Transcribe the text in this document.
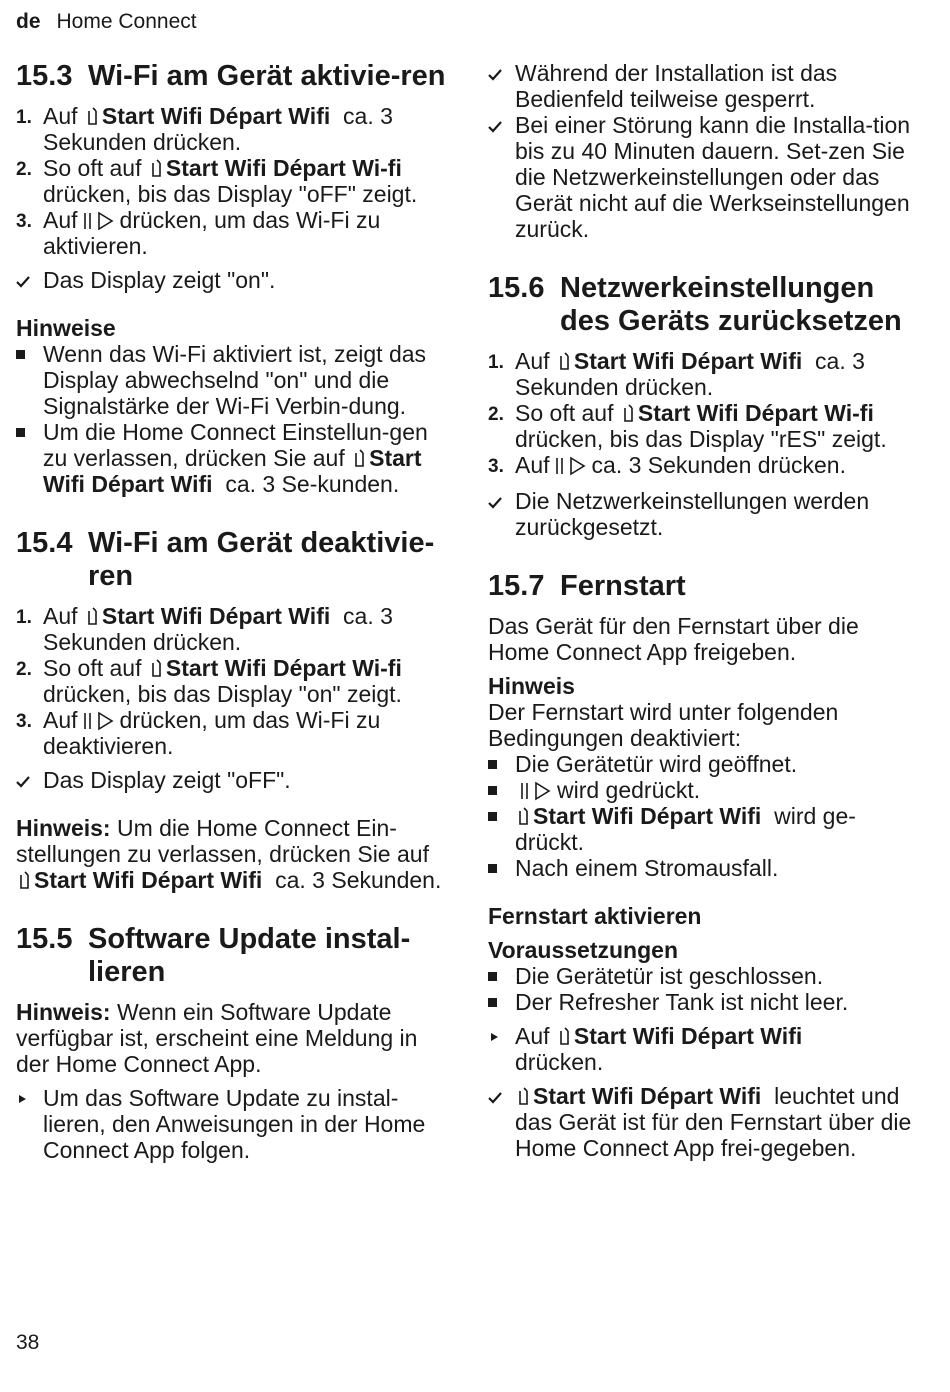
de Home Connect
15.3 Wi-Fi am Gerät aktivie-ren
1. Auf Start Wifi Départ Wifi ca. 3 Sekunden drücken.

2. So oft auf Start Wifi Départ Wi-fi  drücken, bis das Display "oFF" zeigt.

3. Auf drücken, um das Wi-Fi zu aktivieren.

Das Display zeigt "on".

Hinweise

Wenn das Wi-Fi aktiviert ist, zeigt das Display abwechselnd "on" und die Signalstärke der Wi-Fi Verbin-dung.

Um die Home Connect Einstellun-gen zu verlassen, drücken Sie auf Start Wifi Départ Wifi ca. 3 Se-kunden.

15.4 Wi-Fi am Gerät deaktivie-ren
1. Auf Start Wifi Départ Wifi ca. 3 Sekunden drücken.

2. So oft auf Start Wifi Départ Wi-fi  drücken, bis das Display "on" zeigt.

3. Auf drücken, um das Wi-Fi zu deaktivieren.

Das Display zeigt "oFF".

Hinweis: Um die Home Connect Ein-stellungen zu verlassen, drücken Sie auf Start Wifi Départ Wifi ca. 3 Sekunden.

15.5 Software Update instal-lieren

Hinweis: Wenn ein Software Update verfügbar ist, erscheint eine Meldung in der Home Connect App.

Um das Software Update zu instal-lieren, den Anweisungen in der Home Connect App folgen.

Während der Installation ist das Bedienfeld teilweise gesperrt.

Bei einer Störung kann die Installa-tion bis zu 40 Minuten dauern. Set-zen Sie die Netzwerkeinstellungen oder das Gerät nicht auf die Werkseinstellungen zurück.

15.6 Netzwerkeinstellungen des Geräts zurücksetzen
1. Auf Start Wifi Départ Wifi ca. 3 Sekunden drücken.

2. So oft auf Start Wifi Départ Wi-fi  drücken, bis das Display "rES" zeigt.

3. Auf ca. 3 Sekunden drücken.

Die Netzwerkeinstellungen werden zurückgesetzt.

15.7 Fernstart

Das Gerät für den Fernstart über die Home Connect App freigeben.

Hinweis

Der Fernstart wird unter folgenden Bedingungen deaktiviert:

Die Gerätetür wird geöffnet.

wird gedrückt.

Start Wifi Départ Wifi wird ge-drückt.

Nach einem Stromausfall.

Fernstart aktivieren
Voraussetzungen

Die Gerätetür ist geschlossen.

Der Refresher Tank ist nicht leer.

Auf Start Wifi Départ Wifi
drücken.

Start Wifi Départ Wifi leuchtet und das Gerät ist für den Fernstart über die Home Connect App frei-gegeben.

38
